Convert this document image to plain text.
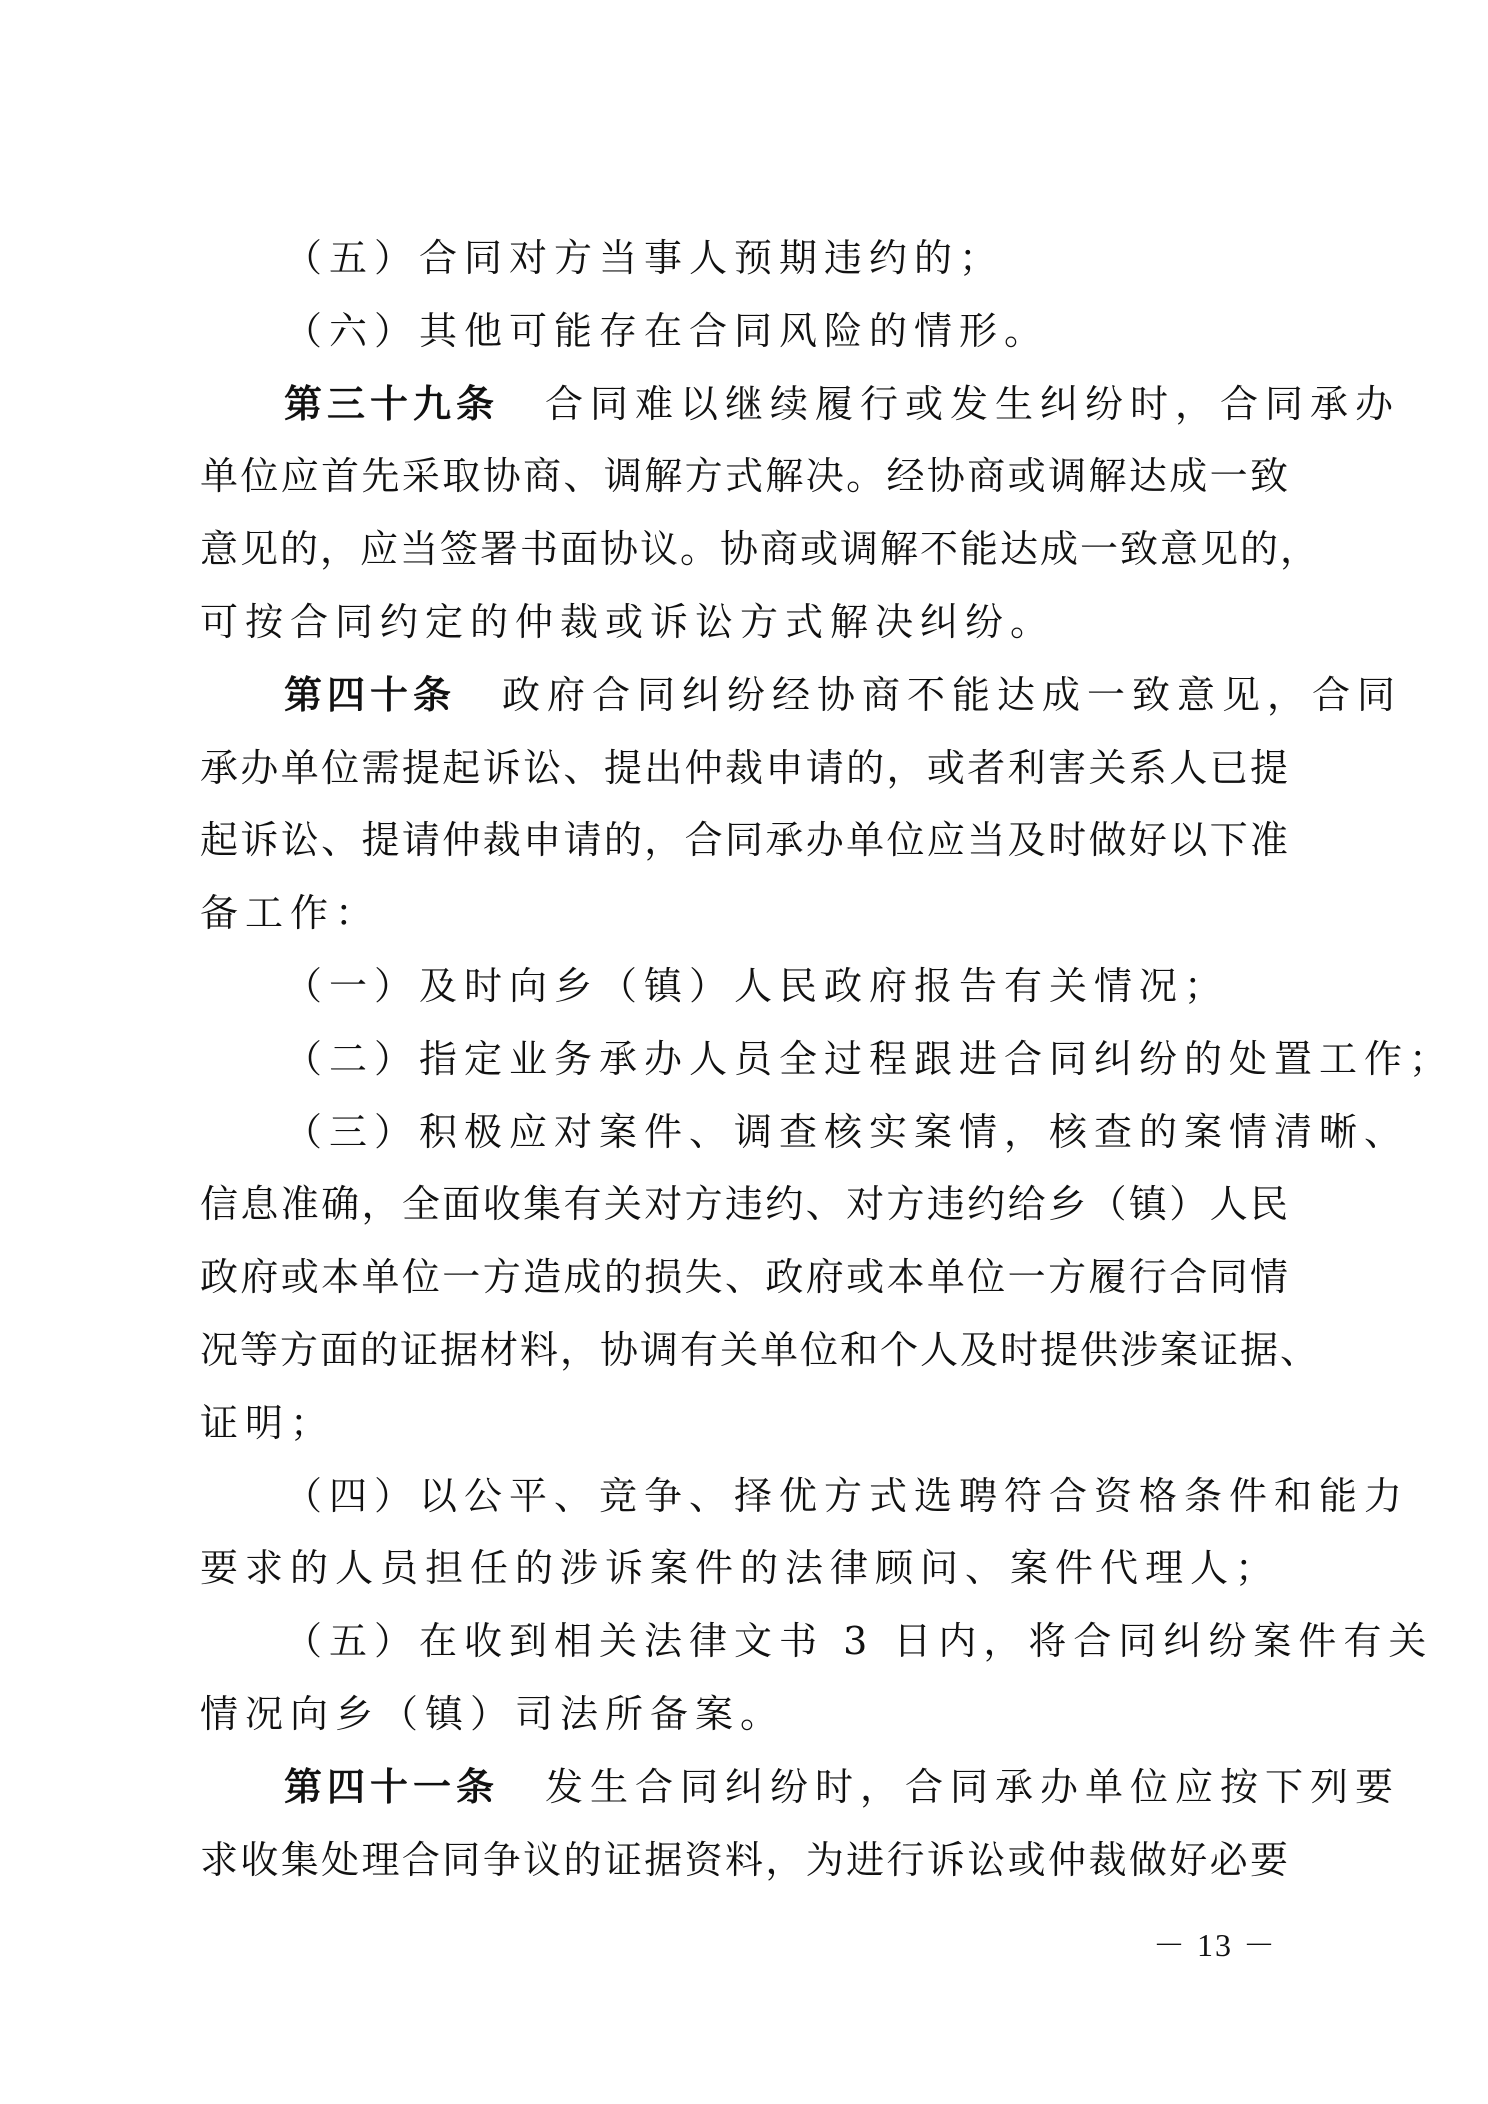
（五）合同对方当事人预期违约的；
（六）其他可能存在合同风险的情形。
第三十九条 合同难以继续履行或发生纠纷时，合同承办
单位应首先采取协商、调解方式解决。经协商或调解达成一致
意见的，应当签署书面协议。协商或调解不能达成一致意见的，
可按合同约定的仲裁或诉讼方式解决纠纷。
第四十条 政府合同纠纷经协商不能达成一致意见，合同
承办单位需提起诉讼、提出仲裁申请的，或者利害关系人已提
起诉讼、提请仲裁申请的，合同承办单位应当及时做好以下准
备工作：
（一）及时向乡（镇）人民政府报告有关情况；
（二）指定业务承办人员全过程跟进合同纠纷的处置工作；
（三）积极应对案件、调查核实案情，核查的案情清晰、
信息准确，全面收集有关对方违约、对方违约给乡（镇）人民
政府或本单位一方造成的损失、政府或本单位一方履行合同情
况等方面的证据材料，协调有关单位和个人及时提供涉案证据、
证明；
（四）以公平、竞争、择优方式选聘符合资格条件和能力
要求的人员担任的涉诉案件的法律顾问、案件代理人；
（五）在收到相关法律文书 3 日内，将合同纠纷案件有关
情况向乡（镇）司法所备案。
第四十一条 发生合同纠纷时，合同承办单位应按下列要
求收集处理合同争议的证据资料，为进行诉讼或仲裁做好必要
－ 13 －
